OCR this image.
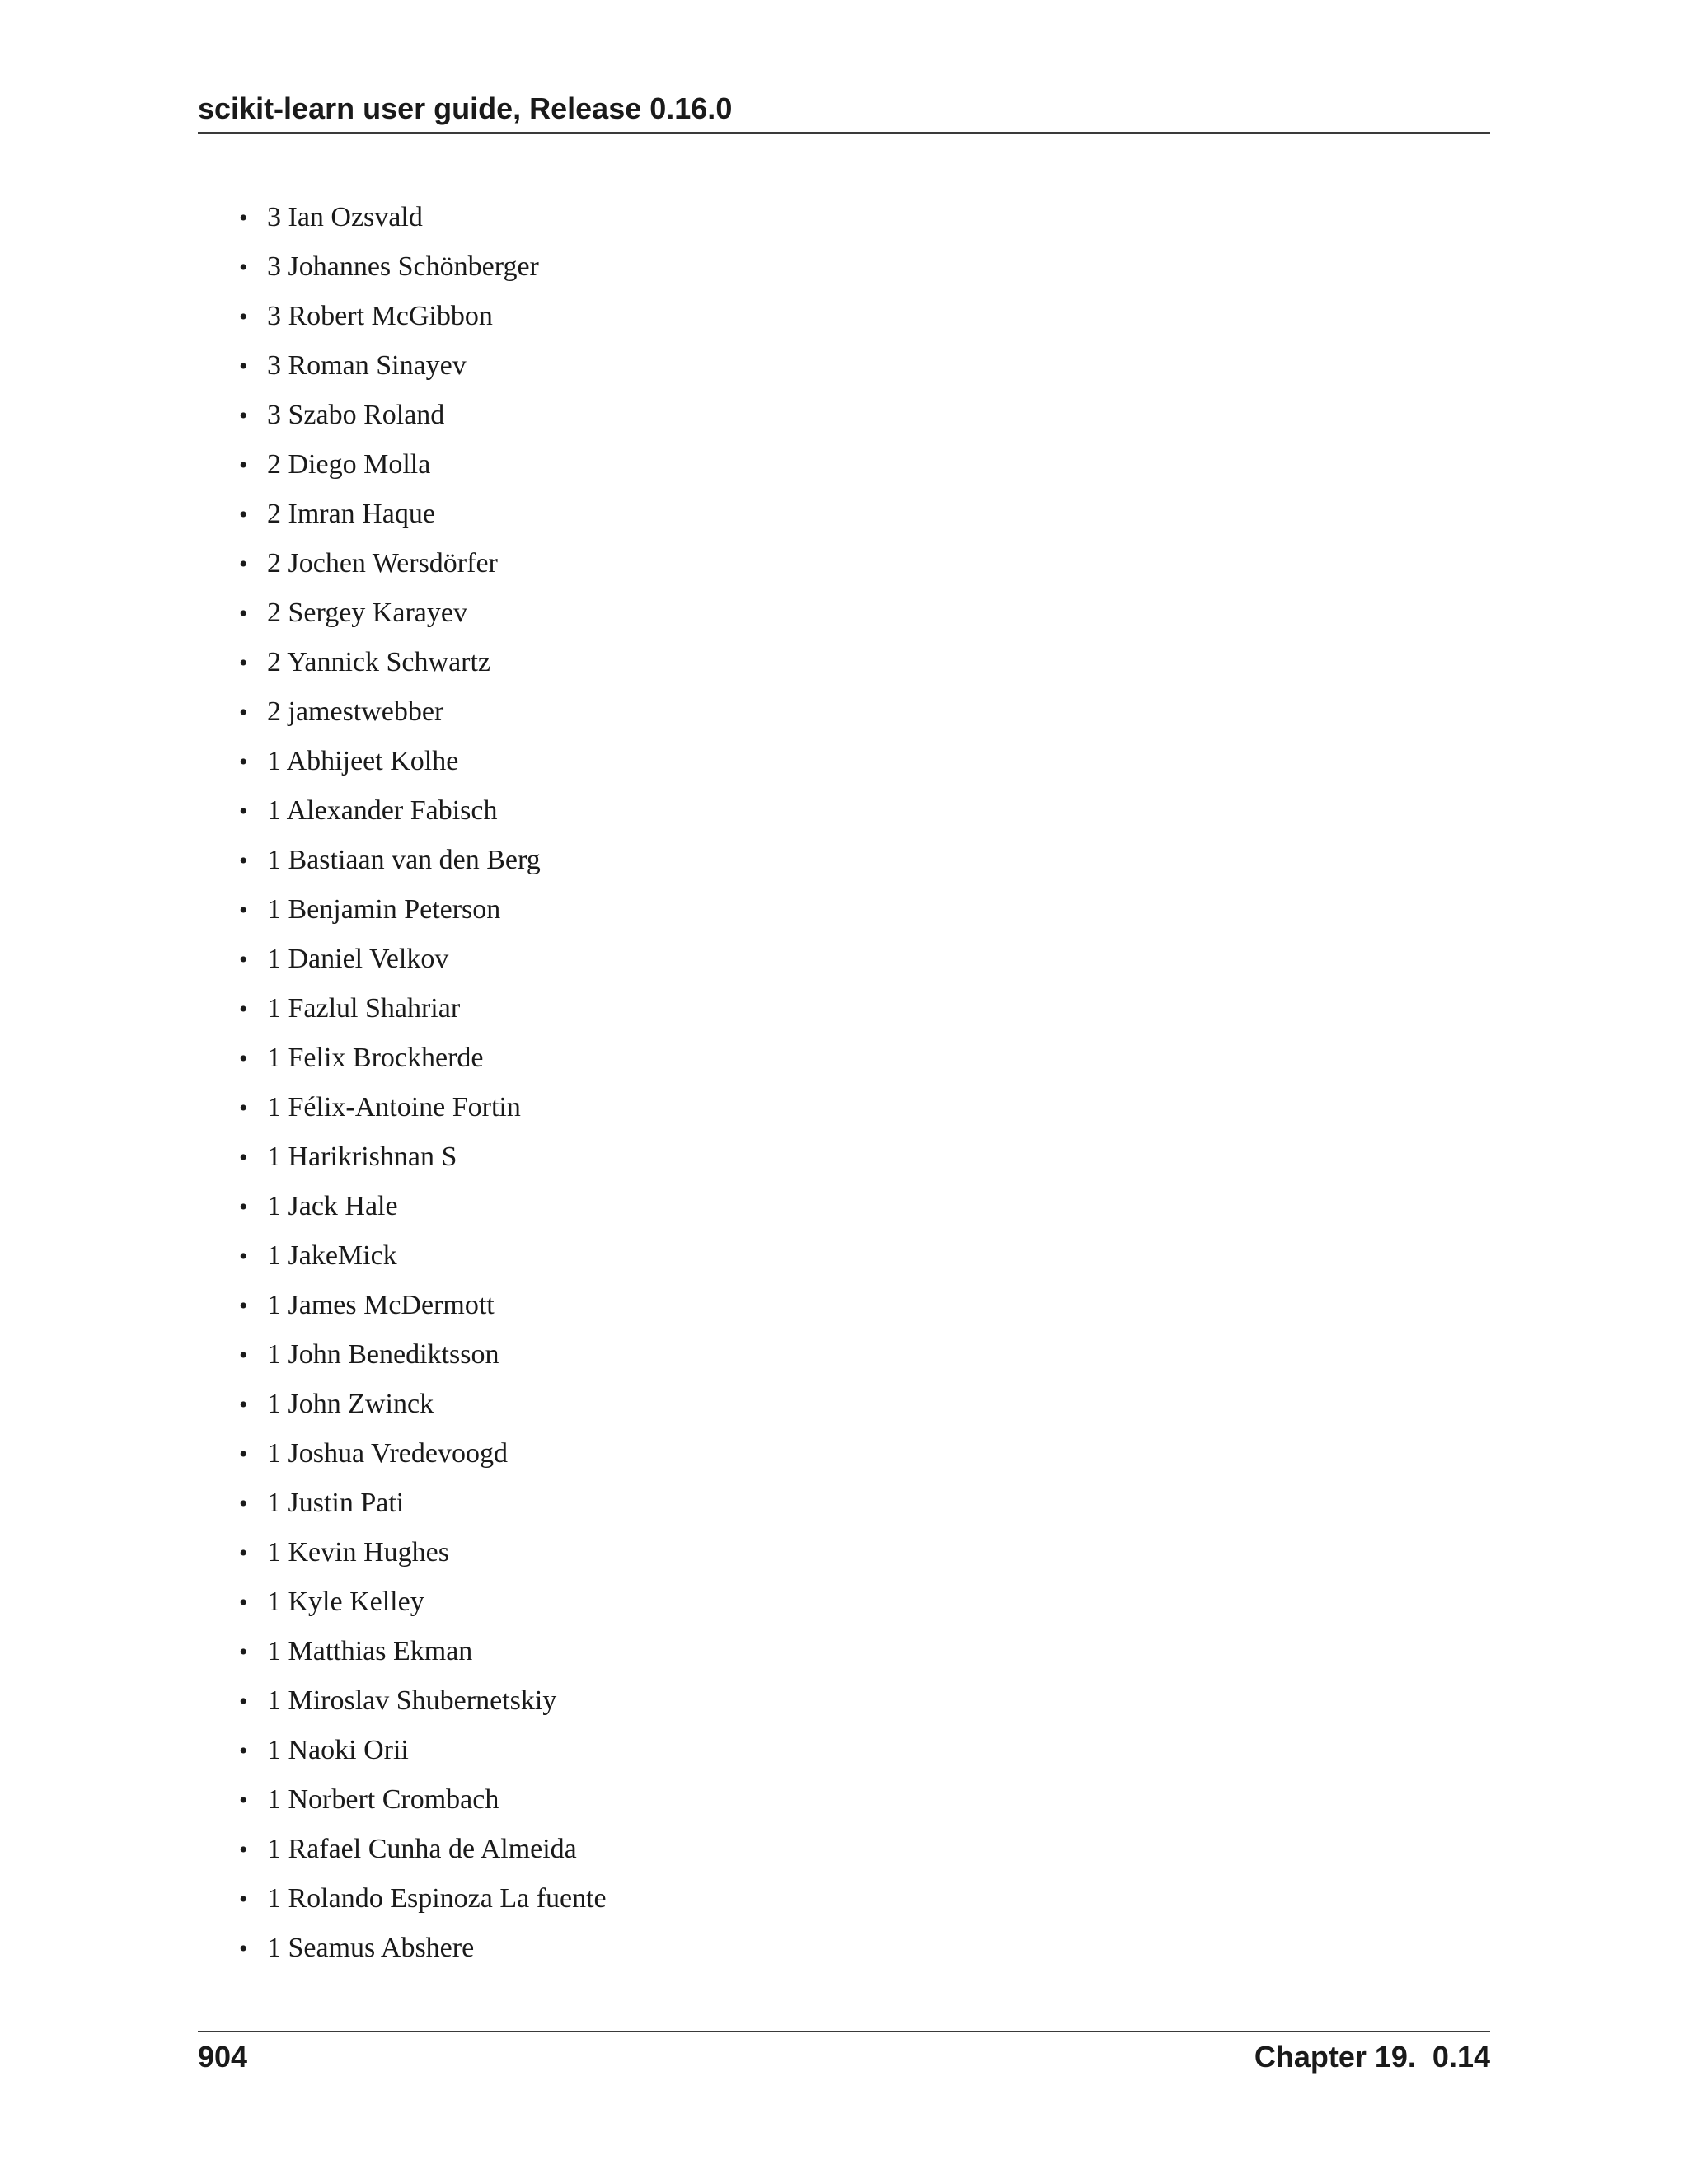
scikit-learn user guide, Release 0.16.0
• 3 Ian Ozsvald
• 3 Johannes Schönberger
• 3 Robert McGibbon
• 3 Roman Sinayev
• 3 Szabo Roland
• 2 Diego Molla
• 2 Imran Haque
• 2 Jochen Wersdörfer
• 2 Sergey Karayev
• 2 Yannick Schwartz
• 2 jamestwebber
• 1 Abhijeet Kolhe
• 1 Alexander Fabisch
• 1 Bastiaan van den Berg
• 1 Benjamin Peterson
• 1 Daniel Velkov
• 1 Fazlul Shahriar
• 1 Felix Brockherde
• 1 Félix-Antoine Fortin
• 1 Harikrishnan S
• 1 Jack Hale
• 1 JakeMick
• 1 James McDermott
• 1 John Benediktsson
• 1 John Zwinck
• 1 Joshua Vredevoogd
• 1 Justin Pati
• 1 Kevin Hughes
• 1 Kyle Kelley
• 1 Matthias Ekman
• 1 Miroslav Shubernetskiy
• 1 Naoki Orii
• 1 Norbert Crombach
• 1 Rafael Cunha de Almeida
• 1 Rolando Espinoza La fuente
• 1 Seamus Abshere
904	Chapter 19.  0.14
